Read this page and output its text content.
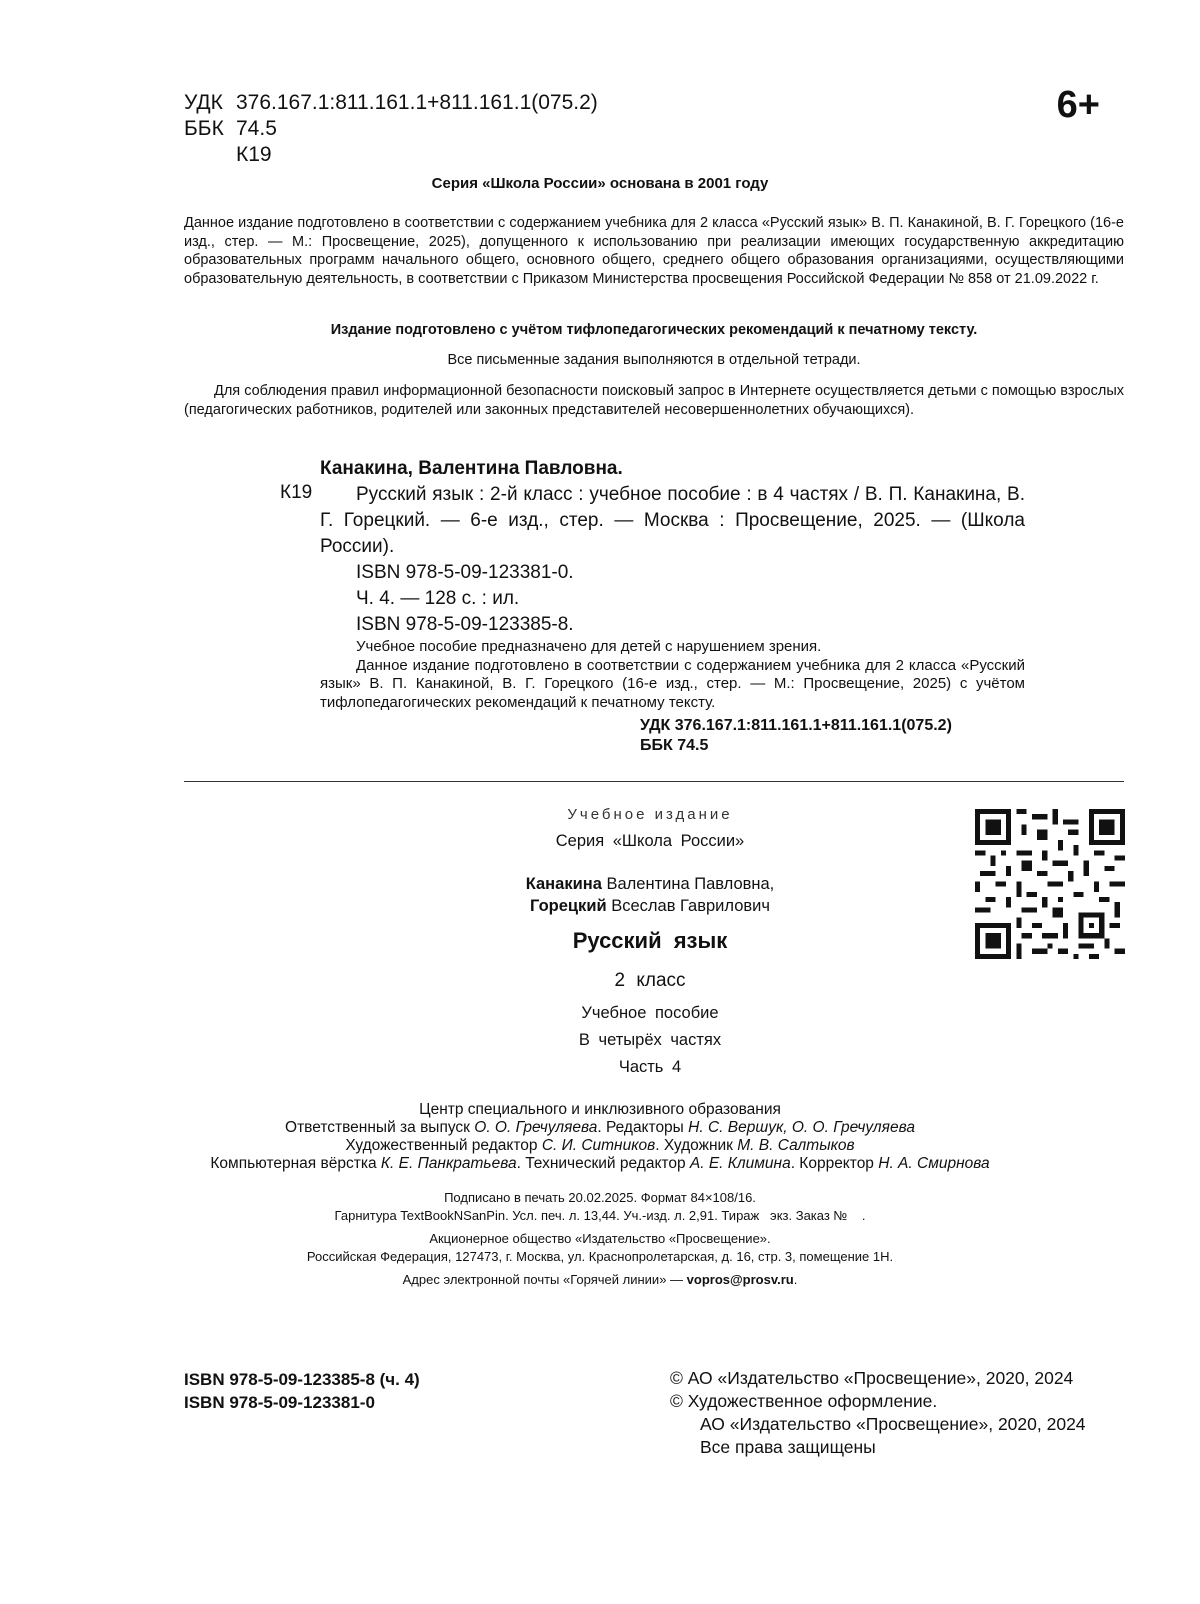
УДК 376.167.1:811.161.1+811.161.1(075.2)
ББК 74.5
К19
6+
Серия «Школа России» основана в 2001 году
Данное издание подготовлено в соответствии с содержанием учебника для 2 класса «Русский язык» В. П. Канакиной, В. Г. Горецкого (16-е изд., стер. — М.: Просвещение, 2025), допущенного к использованию при реализации имеющих государственную аккредитацию образовательных программ начального общего, основного общего, среднего общего образования организациями, осуществляющими образовательную деятельность, в соответствии с Приказом Министерства просвещения Российской Федерации № 858 от 21.09.2022 г.
Издание подготовлено с учётом тифлопедагогических рекомендаций к печатному тексту.
Все письменные задания выполняются в отдельной тетради.
Для соблюдения правил информационной безопасности поисковый запрос в Интернете осуществляется детьми с помощью взрослых (педагогических работников, родителей или законных представителей несовершеннолетних обучающихся).
К19
Канакина, Валентина Павловна.
Русский язык : 2-й класс : учебное пособие : в 4 частях / В. П. Канакина, В. Г. Горецкий. — 6-е изд., стер. — Москва : Просвещение, 2025. — (Школа России).
ISBN 978-5-09-123381-0.
Ч. 4. — 128 с. : ил.
ISBN 978-5-09-123385-8.
Учебное пособие предназначено для детей с нарушением зрения.
Данное издание подготовлено в соответствии с содержанием учебника для 2 класса «Русский язык» В. П. Канакиной, В. Г. Горецкого (16-е изд., стер. — М.: Просвещение, 2025) с учётом тифлопедагогических рекомендаций к печатному тексту.
УДК 376.167.1:811.161.1+811.161.1(075.2)
ББК 74.5
Учебное издание
Серия «Школа России»
Канакина Валентина Павловна,
Горецкий Всеслав Гаврилович
Русский язык
2 класс
Учебное пособие
В четырёх частях
Часть 4
Центр специального и инклюзивного образования
Ответственный за выпуск О. О. Гречуляева. Редакторы Н. С. Вершук, О. О. Гречуляева
Художественный редактор С. И. Ситников. Художник М. В. Салтыков
Компьютерная вёрстка К. Е. Панкратьева. Технический редактор А. Е. Климина. Корректор Н. А. Смирнова
Подписано в печать 20.02.2025. Формат 84×108/16.
Гарнитура TextBookNSanPin. Усл. печ. л. 13,44. Уч.-изд. л. 2,91. Тираж   экз. Заказ №    .
Акционерное общество «Издательство «Просвещение».
Российская Федерация, 127473, г. Москва, ул. Краснопролетарская, д. 16, стр. 3, помещение 1Н.
Адрес электронной почты «Горячей линии» — vopros@prosv.ru.
ISBN 978-5-09-123385-8 (ч. 4)
ISBN 978-5-09-123381-0
© АО «Издательство «Просвещение», 2020, 2024
© Художественное оформление.
АО «Издательство «Просвещение», 2020, 2024
Все права защищены
